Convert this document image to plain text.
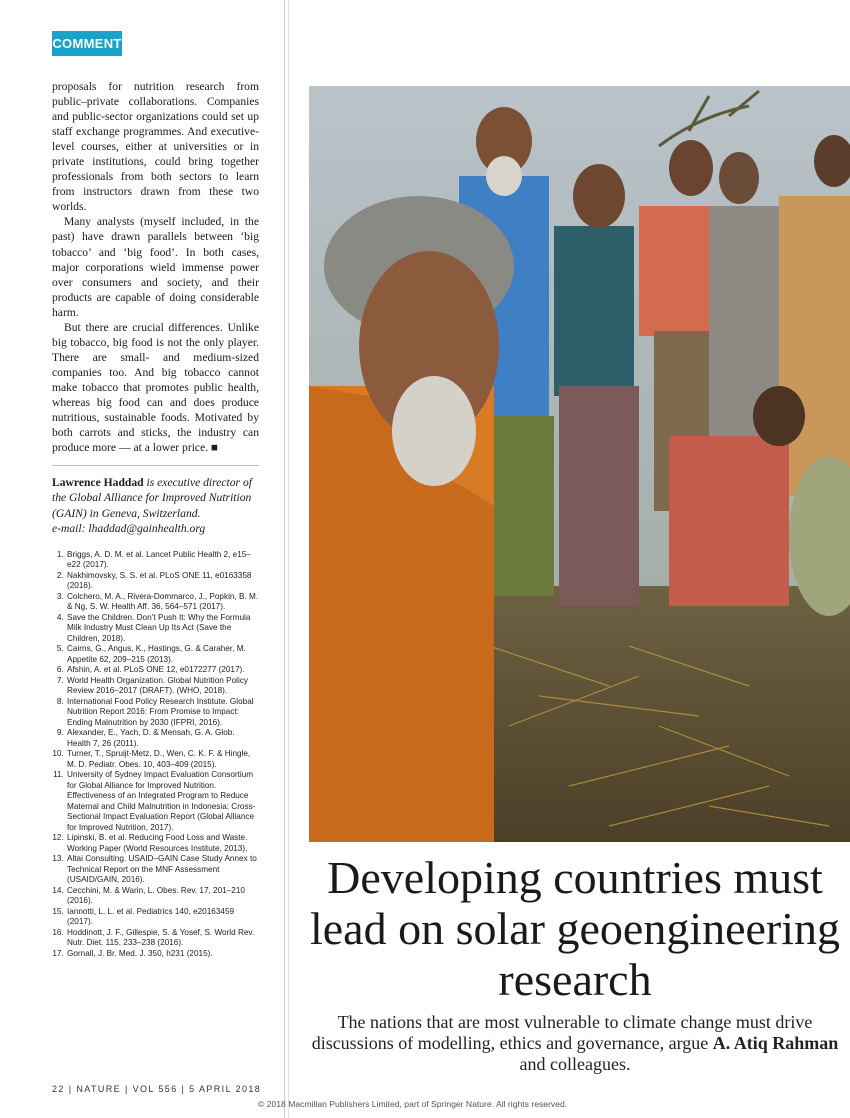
COMMENT

proposals for nutrition research from public–private collaborations. Companies and public-sector organizations could set up staff exchange programmes. And executive-level courses, either at universities or in private institutions, could bring together professionals from both sectors to learn from instructors drawn from these two worlds.

Many analysts (myself included, in the past) have drawn parallels between ‘big tobacco’ and ‘big food’. In both cases, major corporations wield immense power over consumers and society, and their products are capable of doing considerable harm.

But there are crucial differences. Unlike big tobacco, big food is not the only player. There are small- and medium-sized companies too. And big tobacco cannot make tobacco that promotes public health, whereas big food can and does produce nutritious, sustainable foods. Motivated by both carrots and sticks, the industry can produce more — at a lower price. ■

Lawrence Haddad is executive director of the Global Alliance for Improved Nutrition (GAIN) in Geneva, Switzerland.
e-mail: lhaddad@gainhealth.org
1. Briggs, A. D. M. et al. Lancet Public Health 2, e15–e22 (2017).
2. Nakhimovsky, S. S. et al. PLoS ONE 11, e0163358 (2016).
3. Colchero, M. A., Rivera-Dommarco, J., Popkin, B. M. & Ng, S. W. Health Aff. 36, 564–571 (2017).
4. Save the Children. Don’t Push It: Why the Formula Milk Industry Must Clean Up Its Act (Save the Children, 2018).
5. Cairns, G., Angus, K., Hastings, G. & Caraher, M. Appetite 62, 209–215 (2013).
6. Afshin, A. et al. PLoS ONE 12, e0172277 (2017).
7. World Health Organization. Global Nutrition Policy Review 2016–2017 (DRAFT). (WHO, 2018).
8. International Food Policy Research Institute. Global Nutrition Report 2016: From Promise to Impact: Ending Malnutrition by 2030 (IFPRI, 2016).
9. Alexander, E., Yach, D. & Mensah, G. A. Glob. Health 7, 26 (2011).
10. Turner, T., Spruijt-Metz, D., Wen, C. K. F. & Hingle, M. D. Pediatr. Obes. 10, 403–409 (2015).
11. University of Sydney Impact Evaluation Consortium for Global Alliance for Improved Nutrition. Effectiveness of an Integrated Program to Reduce Maternal and Child Malnutrition in Indonesia: Cross-Sectional Impact Evaluation Report (Global Alliance for Improved Nutrition, 2017).
12. Lipinski, B. et al. Reducing Food Loss and Waste. Working Paper (World Resources Institute, 2013).
13. Altai Consulting. USAID–GAIN Case Study Annex to Technical Report on the MNF Assessment (USAID/GAIN, 2016).
14. Cecchini, M. & Warin, L. Obes. Rev. 17, 201–210 (2016).
15. Iannotti, L. L. et al. Pediatrics 140, e20163459 (2017).
16. Hoddinott, J. F., Gillespie, S. & Yosef, S. World Rev. Nutr. Diet. 115, 233–238 (2016).
17. Gornall, J. Br. Med. J. 350, h231 (2015).
Developing countries must lead on solar geoengineering research
The nations that are most vulnerable to climate change must drive discussions of modelling, ethics and governance, argue A. Atiq Rahman and colleagues.
22 | NATURE | VOL 556 | 5 APRIL 2018
© 2018 Macmillan Publishers Limited, part of Springer Nature. All rights reserved.
